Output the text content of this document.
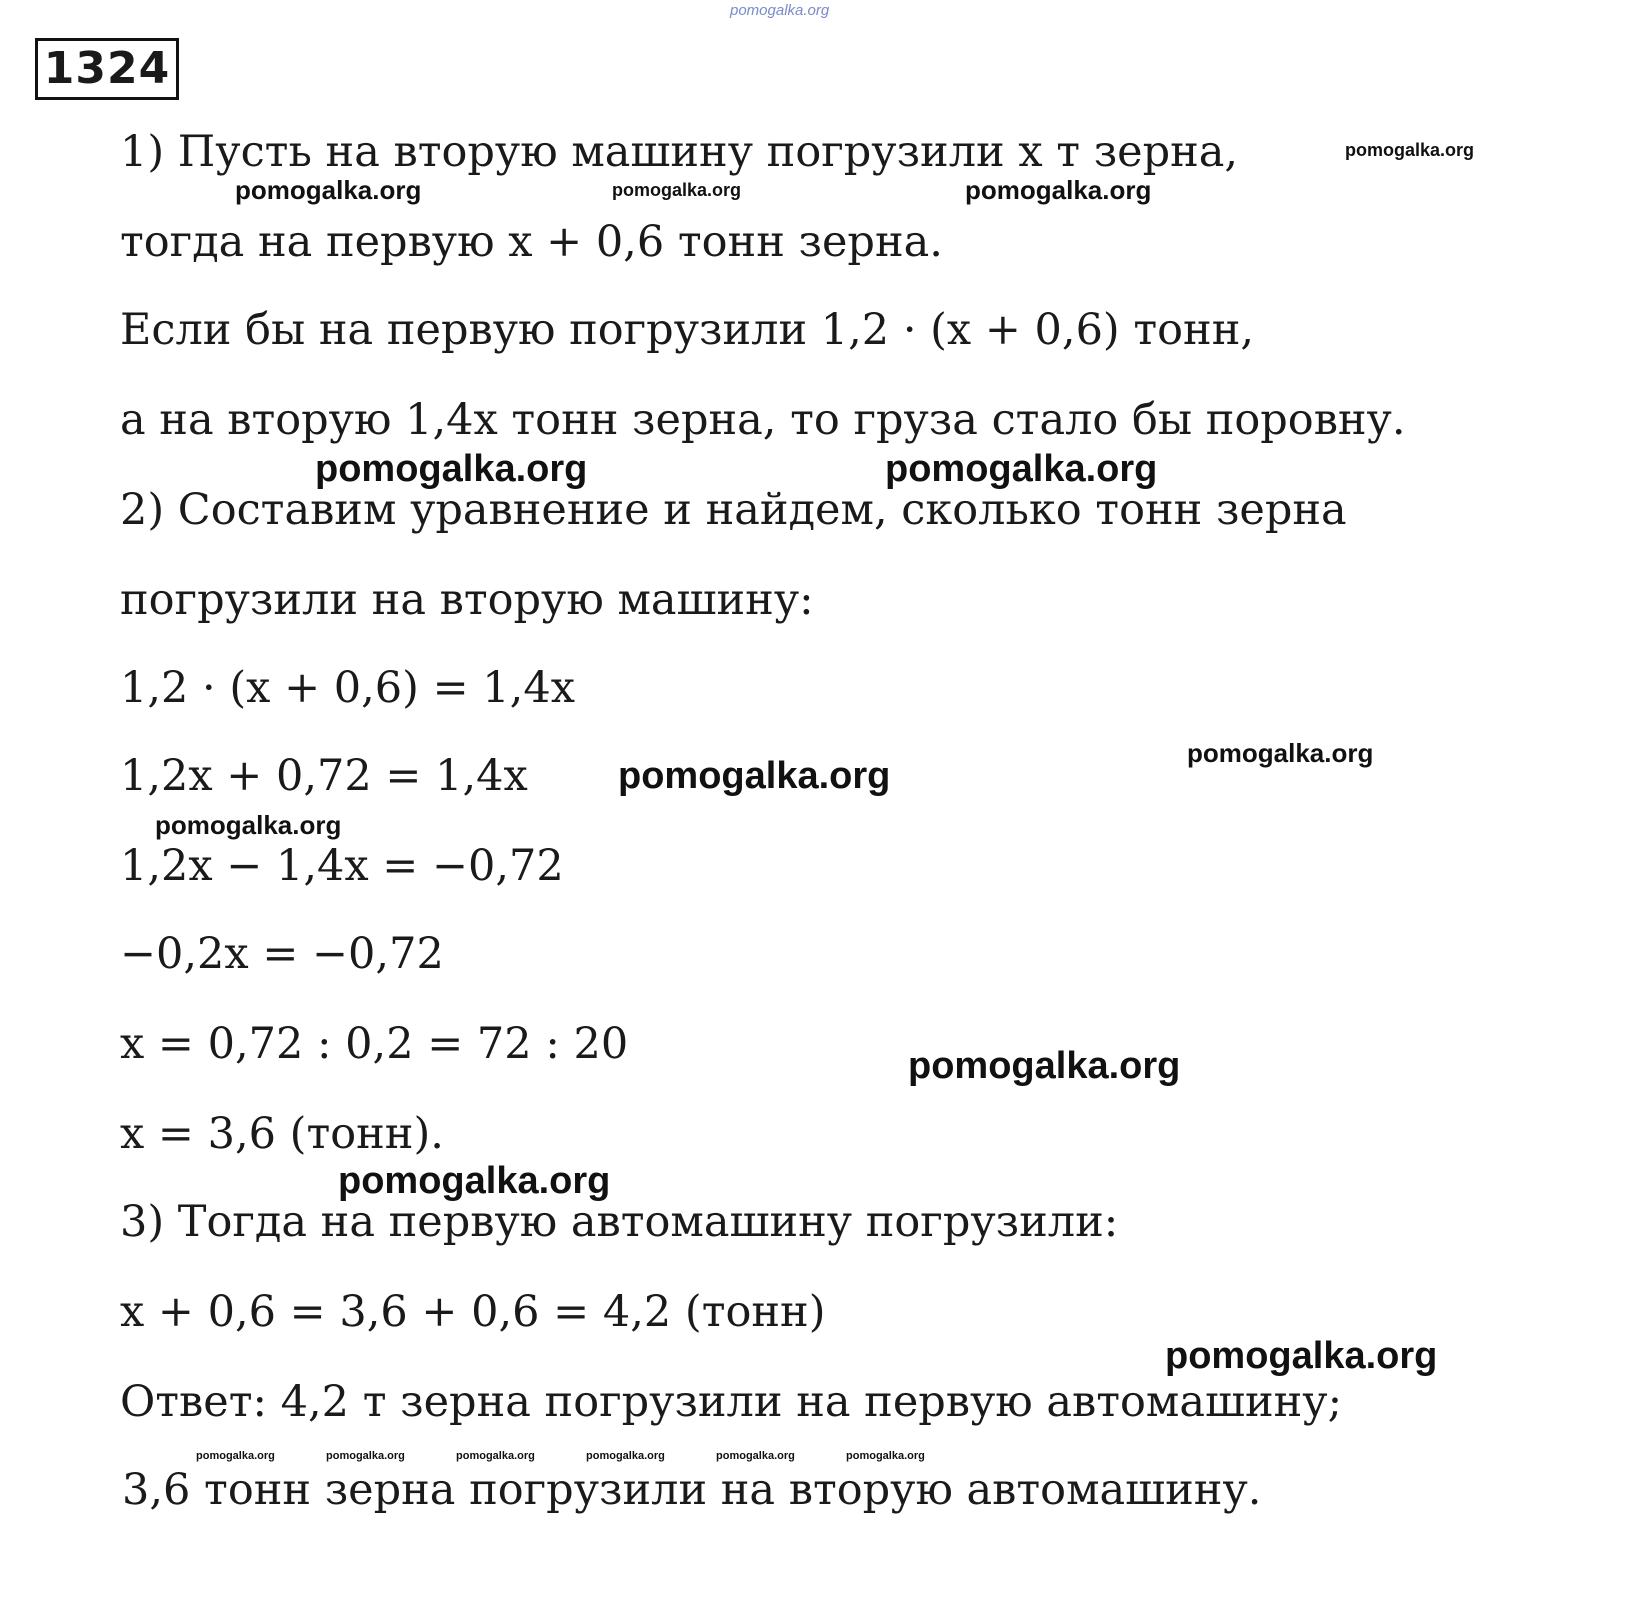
pomogalka.org
1324
1) Пусть на вторую машину погрузили x т зерна,
тогда на первую x + 0,6 тонн зерна.
Если бы на первую погрузили 1,2 · (x + 0,6) тонн,
а на вторую 1,4x тонн зерна, то груза стало бы поровну.
2) Составим уравнение и найдем, сколько тонн зерна
погрузили на вторую машину:
1,2 · (x + 0,6) = 1,4x
1,2x + 0,72 = 1,4x
1,2x − 1,4x = −0,72
−0,2x = −0,72
x = 0,72 : 0,2 = 72 : 20
x = 3,6 (тонн).
3) Тогда на первую автомашину погрузили:
x + 0,6 = 3,6 + 0,6 = 4,2 (тонн)
Ответ: 4,2 т зерна погрузили на первую автомашину;
3,6 тонн зерна погрузили на вторую автомашину.
pomogalka.org
pomogalka.org	pomogalka.org	pomogalka.org
pomogalka.org	pomogalka.org
pomogalka.org
pomogalka.org
pomogalka.org
pomogalka.org
pomogalka.org
pomogalka.org
pomogalka.org	pomogalka.org	pomogalka.org	pomogalka.org	pomogalka.org	pomogalka.org
